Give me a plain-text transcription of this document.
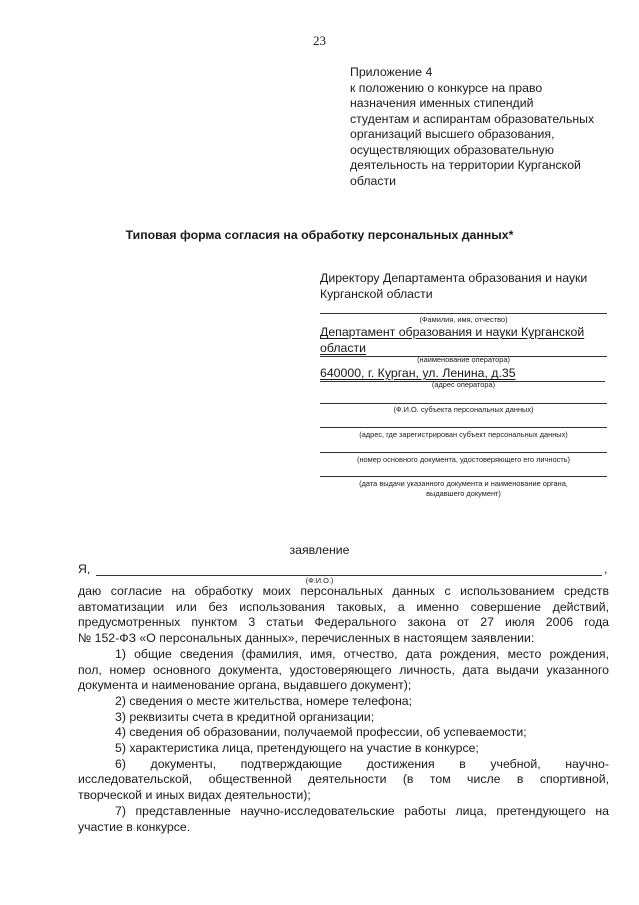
23
Приложение 4
к положению о конкурсе на право
назначения именных стипендий
студентам и аспирантам образовательных
организаций высшего образования,
осуществляющих образовательную
деятельность на территории Курганской
области
Типовая форма согласия на обработку персональных данных*
Директору Департамента образования и науки
Курганской области
(Фамилия, имя, отчество)
Департамент образования и науки Курганской
области
(наименование оператора)
640000, г. Курган, ул. Ленина, д.35
(адрес оператора)
(Ф.И.О. субъекта персональных данных)
(адрес, где зарегистрирован субъект персональных данных)
(номер основного документа, удостоверяющего его личность)
(дата выдачи указанного документа и наименование органа,
выдавшего документ)
заявление
Я,	,
(Ф.И.О.)
даю согласие на обработку моих персональных данных с использованием средств
автоматизации или без использования таковых, а именно совершение действий,
предусмотренных пунктом 3 статьи Федерального закона от 27 июля 2006 года
№ 152-ФЗ «О персональных данных», перечисленных в настоящем заявлении:
1) общие сведения (фамилия, имя, отчество, дата рождения, место рождения,
пол, номер основного документа, удостоверяющего личность, дата выдачи указанного
документа и наименование органа, выдавшего документ);
2) сведения о месте жительства, номере телефона;
3) реквизиты счета в кредитной организации;
4) сведения об образовании, получаемой профессии, об успеваемости;
5) характеристика лица, претендующего на участие в конкурсе;
6) документы, подтверждающие достижения в учебной, научно-
исследовательской, общественной деятельности (в том числе в спортивной,
творческой и иных видах деятельности);
7) представленные научно-исследовательские работы лица, претендующего на
участие в конкурсе.
